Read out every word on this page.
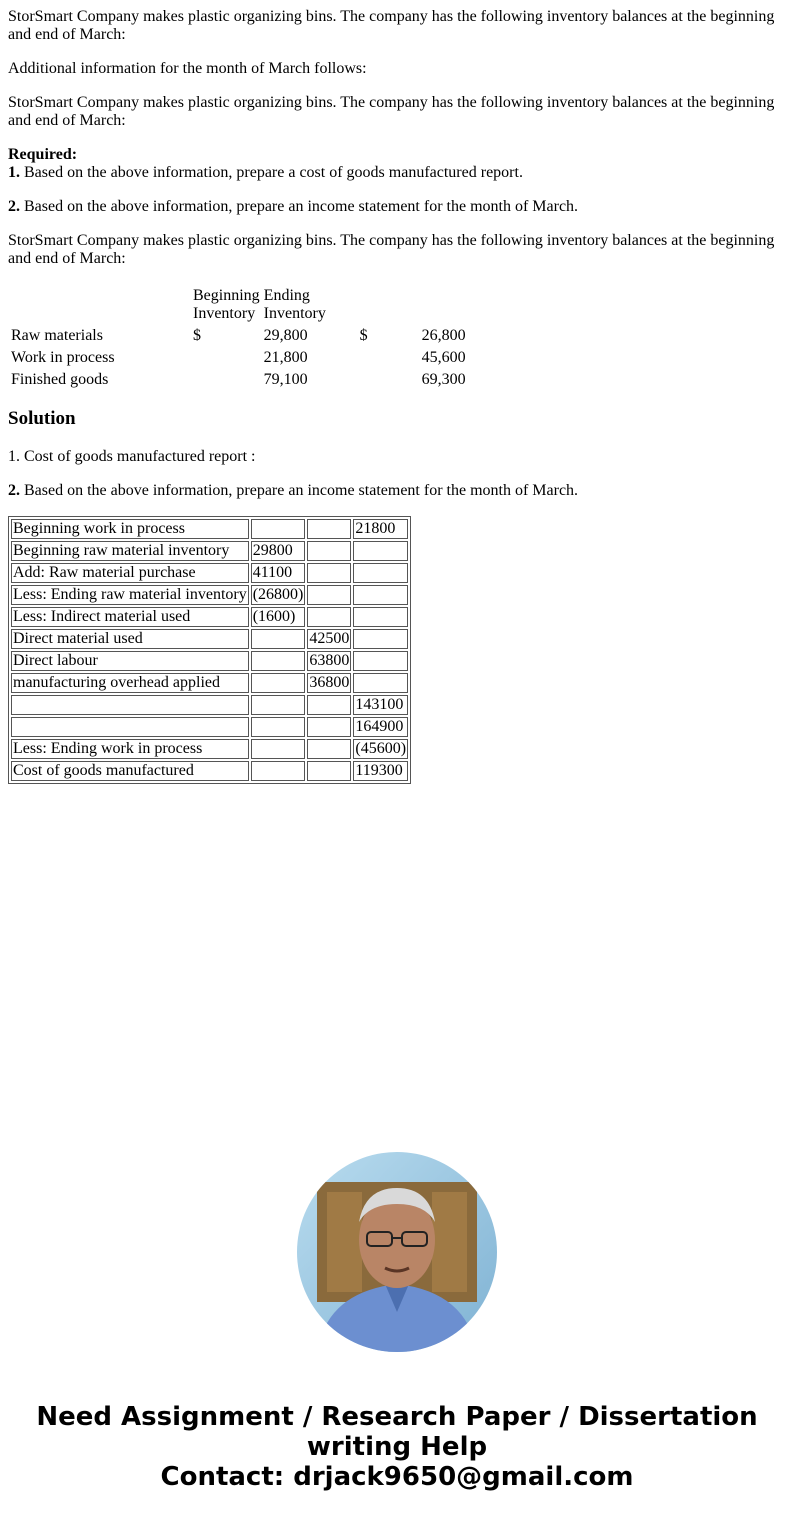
StorSmart Company makes plastic organizing bins. The company has the following inventory balances at the beginning and end of March:

Additional information for the month of March follows:

StorSmart Company makes plastic organizing bins. The company has the following inventory balances at the beginning and end of March:

Required:
1. Based on the above information, prepare a cost of goods manufactured report.

2. Based on the above information, prepare an income statement for the month of March.

StorSmart Company makes plastic organizing bins. The company has the following inventory balances at the beginning and end of March:

	Beginning Inventory	Ending Inventory		
Raw materials	$	29,800	$	26,800
Work in process		21,800		45,600
Finished goods		79,100		69,300
Solution

1. Cost of goods manufactured report :

2. Based on the above information, prepare an income statement for the month of March.

Beginning work in process			21800
Beginning raw material inventory	29800		
Add: Raw material purchase	41100		
Less: Ending raw material inventory	(26800)		
Less: Indirect material used	(1600)		
Direct material used		42500	
Direct labour		63800	
manufacturing overhead applied		36800	
			143100
			164900
Less: Ending work in process			(45600)
Cost of goods manufactured			119300
Need Assignment / Research Paper / Dissertation
writing Help
Contact: drjack9650@gmail.com
